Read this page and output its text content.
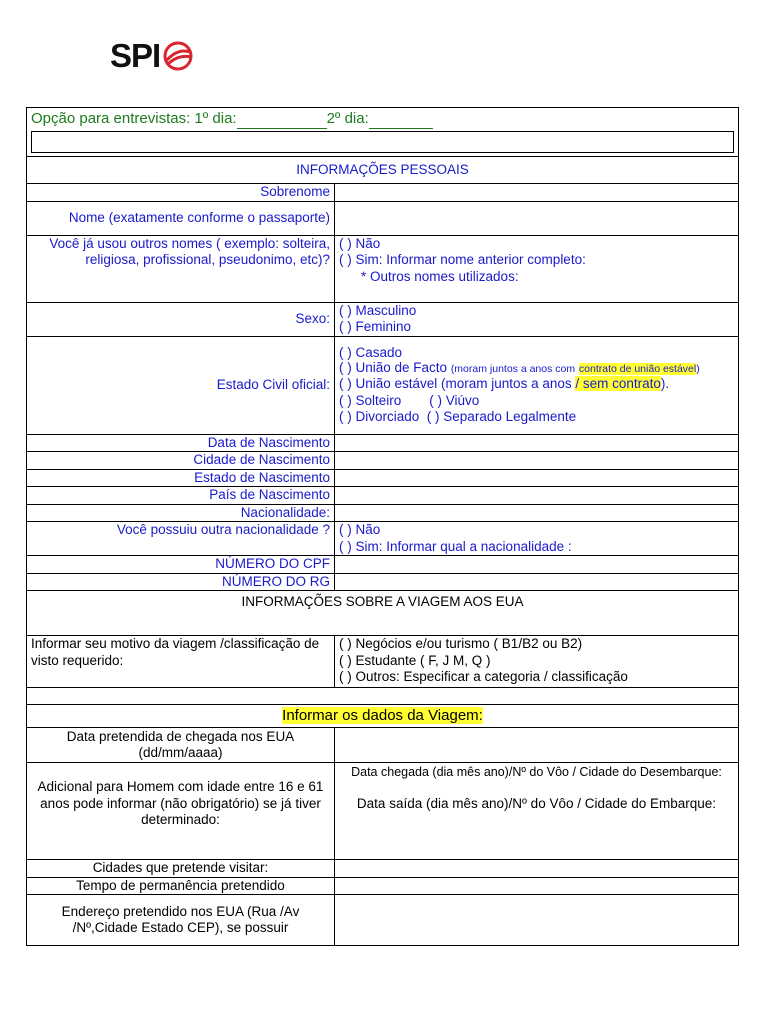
SPI
Opção para entrevistas: 1º dia: 2º dia:	

INFORMAÇÕES PESSOAIS	
Sobrenome	
Nome (exatamente conforme o passaporte)	
Você já usou outros nomes ( exemplo: solteira, religiosa, profissional, pseudonimo, etc)?	( ) Não
( ) Sim: Informar nome anterior completo:
* Outros nomes utilizados:

Sexo:	( ) Masculino
( ) Feminino

Estado Civil oficial:	( ) Casado
( ) União de Facto (moram juntos a anos com contrato de união estável)
( ) União estável (moram juntos a anos / sem contrato).
( ) Solteiro ( ) Viúvo
( ) Divorciado ( ) Separado Legalmente

Data de Nascimento	
Cidade de Nascimento	
Estado de Nascimento	
País de Nascimento	
Nacionalidade:	
Você possuiu outra nacionalidade ?	( ) Não
( ) Sim: Informar qual a nacionalidade :

NÚMERO DO CPF	
NÚMERO DO RG	
INFORMAÇÕES SOBRE A VIAGEM AOS EUA	
Informar seu motivo da viagem /classificação de visto requerido:	( ) Negócios e/ou turismo ( B1/B2 ou B2)
( ) Estudante ( F, J M, Q )
( ) Outros: Especificar a categoria / classificação

Informar os dados da Viagem:	
Data pretendida de chegada nos EUA (dd/mm/aaaa)	
Adicional para Homem com idade entre 16 e 61 anos pode informar (não obrigatório) se já tiver determinado:	Data chegada (dia mês ano)/Nº do Vôo / Cidade do Desembarque:
Data saída (dia mês ano)/Nº do Vôo / Cidade do Embarque:

Cidades que pretende visitar:	
Tempo de permanência pretendido	
Endereço pretendido nos EUA (Rua /Av /Nº,Cidade Estado CEP), se possuir	
